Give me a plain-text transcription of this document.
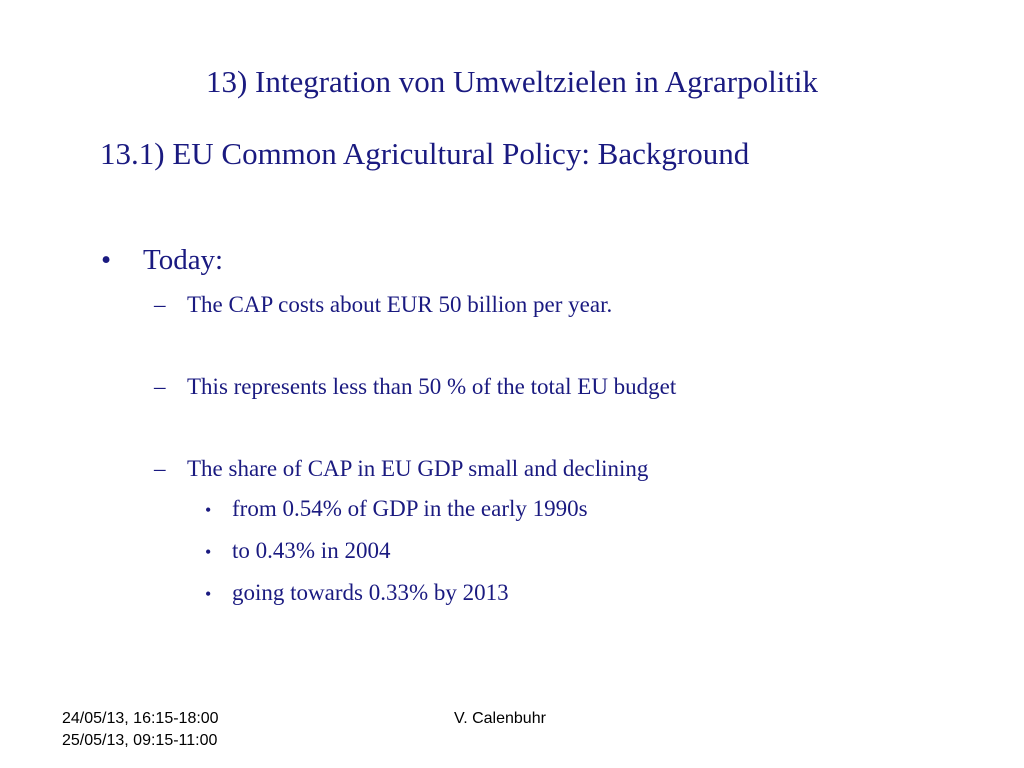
13) Integration von Umweltzielen in Agrarpolitik
13.1) EU Common Agricultural Policy: Background
• Today:
– The CAP costs about EUR 50 billion per year.
– This represents less than 50 % of the total EU budget
– The share of CAP in EU GDP small and declining
• from 0.54% of GDP in the early 1990s
• to 0.43% in 2004
• going towards 0.33% by 2013
24/05/13, 16:15-18:00
25/05/13, 09:15-11:00
V. Calenbuhr
